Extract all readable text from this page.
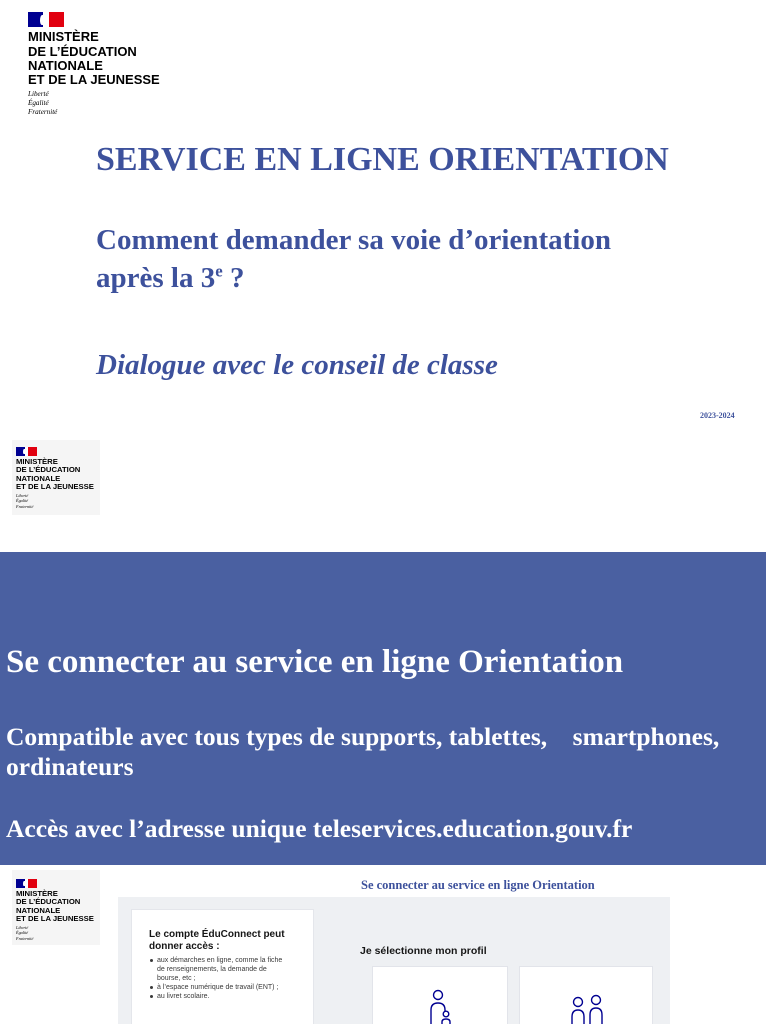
MINISTÈRE
DE L’ÉDUCATION
NATIONALE
ET DE LA JEUNESSE
Liberté
Égalité
Fraternité
SERVICE EN LIGNE ORIENTATION
Comment demander sa voie d’orientation
après la 3e ?
Dialogue avec le conseil de classe
2023-2024
MINISTÈRE
DE L’ÉDUCATION
NATIONALE
ET DE LA JEUNESSE
Liberté
Égalité
Fraternité
Se connecter au service en ligne Orientation
Compatible avec tous types de supports, tablettes,    smartphones,
ordinateurs
Accès avec l’adresse unique teleservices.education.gouv.fr
MINISTÈRE
DE L’ÉDUCATION
NATIONALE
ET DE LA JEUNESSE
Liberté
Égalité
Fraternité
Se connecter au service en ligne Orientation
Le compte ÉduConnect peut donner accès :
aux démarches en ligne, comme la fiche de renseignements, la demande de bourse, etc ;
à l’espace numérique de travail (ENT) ;
au livret scolaire.
Je sélectionne mon profil
